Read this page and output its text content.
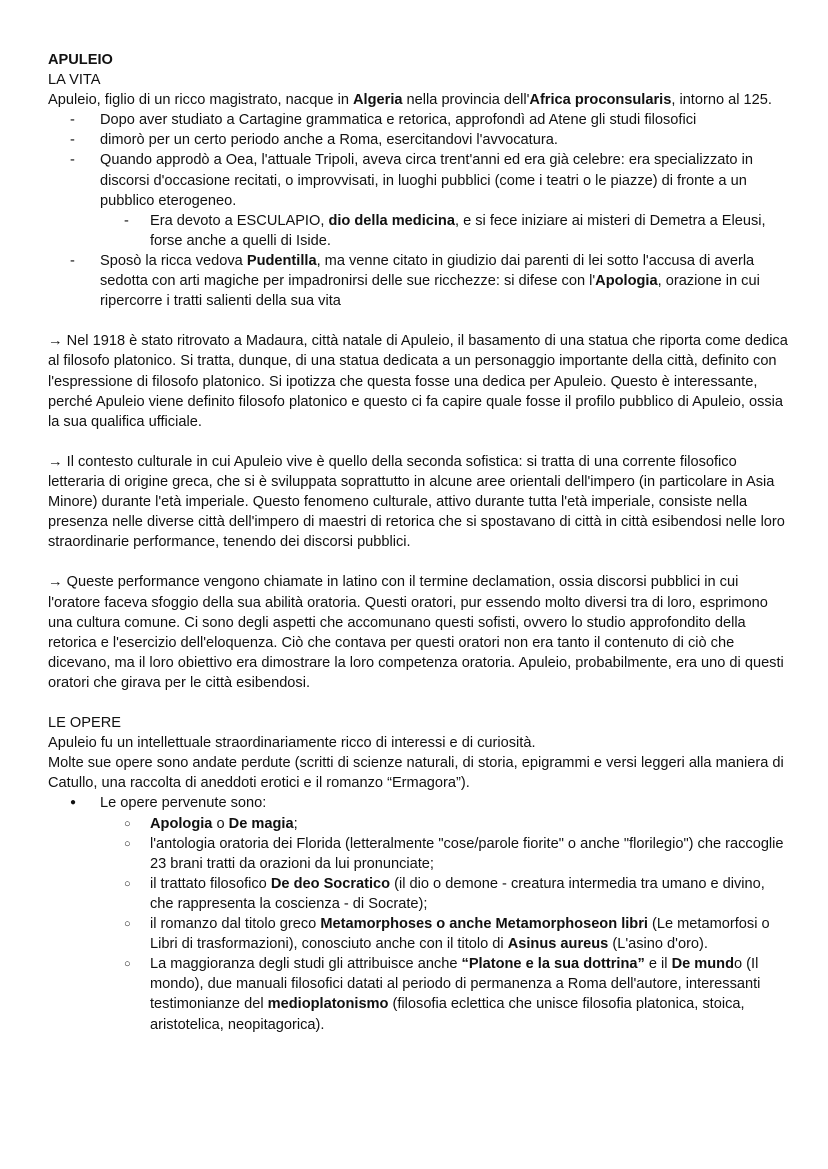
APULEIO

LA VITA

Apuleio, figlio di un ricco magistrato, nacque in Algeria nella provincia dell'Africa proconsularis, intorno al 125.

- Dopo aver studiato a Cartagine grammatica e retorica, approfondì ad Atene gli studi filosofici
- dimorò per un certo periodo anche a Roma, esercitandovi l'avvocatura.
- Quando approdò a Oea, l'attuale Tripoli, aveva circa trent'anni ed era già celebre: era specializzato in discorsi d'occasione recitati, o improvvisati, in luoghi pubblici (come i teatri o le piazze) di fronte a un pubblico eterogeneo.
- Era devoto a ESCULAPIO, dio della medicina, e si fece iniziare ai misteri di Demetra a Eleusi, forse anche a quelli di Iside.
- Sposò la ricca vedova Pudentilla, ma venne citato in giudizio dai parenti di lei sotto l'accusa di averla sedotta con arti magiche per impadronirsi delle sue ricchezze: si difese con l'Apologia, orazione in cui ripercorre i tratti salienti della sua vita

→ Nel 1918 è stato ritrovato a Madaura, città natale di Apuleio, il basamento di una statua che riporta come dedica al filosofo platonico. Si tratta, dunque, di una statua dedicata a un personaggio importante della città, definito con l'espressione di filosofo platonico. Si ipotizza che questa fosse una dedica per Apuleio. Questo è interessante, perché Apuleio viene definito filosofo platonico e questo ci fa capire quale fosse il profilo pubblico di Apuleio, ossia la sua qualifica ufficiale.

→ Il contesto culturale in cui Apuleio vive è quello della seconda sofistica: si tratta di una corrente filosofico letteraria di origine greca, che si è sviluppata soprattutto in alcune aree orientali dell'impero (in particolare in Asia Minore) durante l'età imperiale. Questo fenomeno culturale, attivo durante tutta l'età imperiale, consiste nella presenza nelle diverse città dell'impero di maestri di retorica che si spostavano di città in città esibendosi nelle loro straordinarie performance, tenendo dei discorsi pubblici.

→ Queste performance vengono chiamate in latino con il termine declamation, ossia discorsi pubblici in cui l'oratore faceva sfoggio della sua abilità oratoria. Questi oratori, pur essendo molto diversi tra di loro, esprimono una cultura comune. Ci sono degli aspetti che accomunano questi sofisti, ovvero lo studio approfondito della retorica e l'esercizio dell'eloquenza. Ciò che contava per questi oratori non era tanto il contenuto di ciò che dicevano, ma il loro obiettivo era dimostrare la loro competenza oratoria. Apuleio, probabilmente, era uno di questi oratori che girava per le città esibendosi.

LE OPERE

Apuleio fu un intellettuale straordinariamente ricco di interessi e di curiosità.

Molte sue opere sono andate perdute (scritti di scienze naturali, di storia, epigrammi e versi leggeri alla maniera di Catullo, una raccolta di aneddoti erotici e il romanzo “Ermagora”).

● Le opere pervenute sono:
○ Apologia o De magia;
○ l'antologia oratoria dei Florida (letteralmente "cose/parole fiorite" o anche "florilegio") che raccoglie 23 brani tratti da orazioni da lui pronunciate;
○ il trattato filosofico De deo Socratico (il dio o demone - creatura intermedia tra umano e divino, che rappresenta la coscienza - di Socrate);
○ il romanzo dal titolo greco Metamorphoses o anche Metamorphoseon libri (Le metamorfosi o Libri di trasformazioni), conosciuto anche con il titolo di Asinus aureus (L'asino d'oro).
○ La maggioranza degli studi gli attribuisce anche “Platone e la sua dottrina” e il De mundo (Il mondo), due manuali filosofici datati al periodo di permanenza a Roma dell'autore, interessanti testimonianze del medioplatonismo (filosofia eclettica che unisce filosofia platonica, stoica, aristotelica, neopitagorica).
